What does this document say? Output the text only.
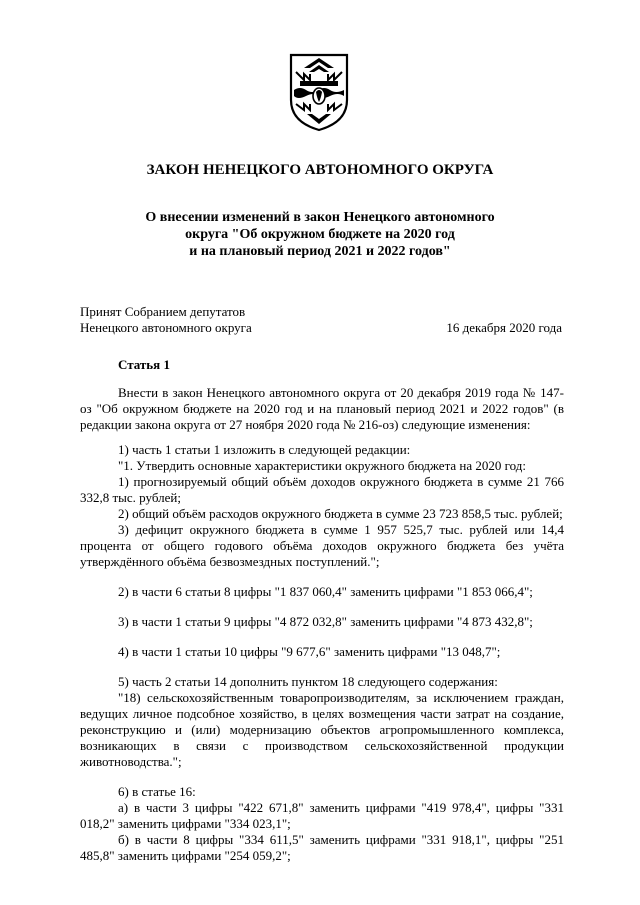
ЗАКОН НЕНЕЦКОГО АВТОНОМНОГО ОКРУГА
О внесении изменений в закон Ненецкого автономного
округа "Об окружном бюджете на 2020 год
и на плановый период 2021 и 2022 годов"
Принят Собранием депутатов
Ненецкого автономного округа	16 декабря 2020 года
Статья 1

Внести в закон Ненецкого автономного округа от 20 декабря 2019 года № 147-оз "Об окружном бюджете на 2020 год и на плановый период 2021 и 2022 годов" (в редакции закона округа от 27 ноября 2020 года № 216-оз) следующие изменения:

1) часть 1 статьи 1 изложить в следующей редакции:

"1. Утвердить основные характеристики окружного бюджета на 2020 год:

1) прогнозируемый общий объём доходов окружного бюджета в сумме 21 766 332,8 тыс. рублей;

2) общий объём расходов окружного бюджета в сумме 23 723 858,5 тыс. рублей;

3) дефицит окружного бюджета в сумме 1 957 525,7 тыс. рублей или 14,4 процента от общего годового объёма доходов окружного бюджета без учёта утверждённого объёма безвозмездных поступлений.";

2) в части 6 статьи 8 цифры "1 837 060,4" заменить цифрами "1 853 066,4";

3) в части 1 статьи 9 цифры "4 872 032,8" заменить цифрами "4 873 432,8";

4) в части 1 статьи 10 цифры "9 677,6" заменить цифрами "13 048,7";

5) часть 2 статьи 14 дополнить пунктом 18 следующего содержания:

"18) сельскохозяйственным товаропроизводителям, за исключением граждан, ведущих личное подсобное хозяйство, в целях возмещения части затрат на создание, реконструкцию и (или) модернизацию объектов агропромышленного комплекса, возникающих в связи с производством сельскохозяйственной продукции животноводства.";

6) в статье 16:

а) в части 3 цифры "422 671,8" заменить цифрами "419 978,4", цифры "331 018,2" заменить цифрами "334 023,1";

б) в части 8 цифры "334 611,5" заменить цифрами "331 918,1", цифры "251 485,8" заменить цифрами "254 059,2";
